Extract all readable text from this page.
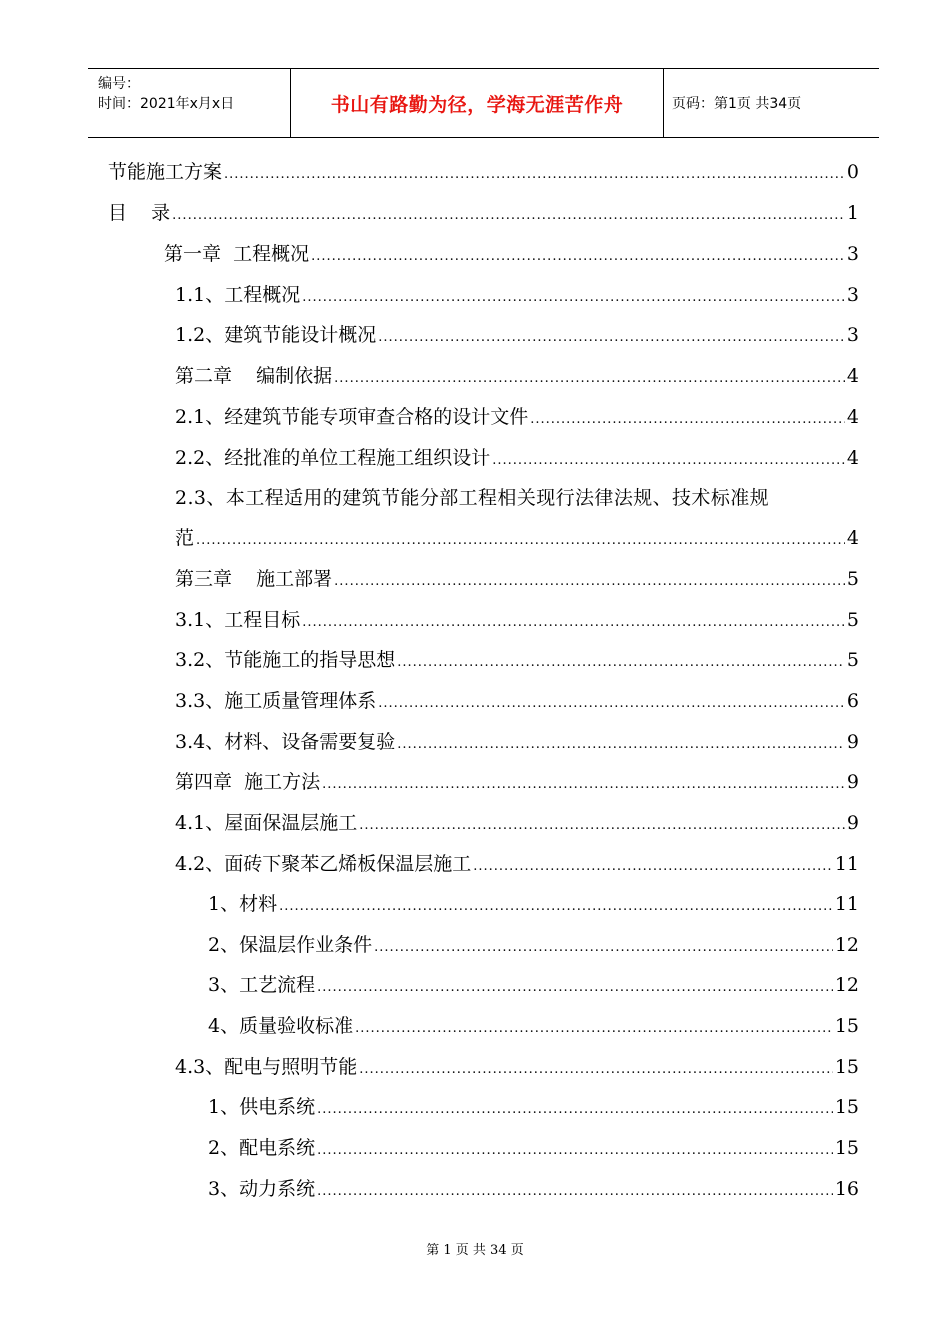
编号：
时间：2021年x月x日	书山有路勤为径，学海无涯苦作舟	页码：第1页 共34页
节能施工方案 .....	0
目    录 .....	1
第一章  工程概况 .....	3
1.1、工程概况 .....	3
1.2、建筑节能设计概况 .....	3
第二章    编制依据 .....	4
2.1、经建筑节能专项审查合格的设计文件 .....	4
2.2、经批准的单位工程施工组织设计 .....	4
2.3、本工程适用的建筑节能分部工程相关现行法律法规、技术标准规
范 .....	4
第三章    施工部署 .....	5
3.1、工程目标 .....	5
3.2、节能施工的指导思想 .....	5
3.3、施工质量管理体系 .....	6
3.4、材料、设备需要复验 .....	9
第四章  施工方法 .....	9
4.1、屋面保温层施工 .....	9
4.2、面砖下聚苯乙烯板保温层施工 .....	11
1、材料 .....	11
2、保温层作业条件 .....	12
3、工艺流程 .....	12
4、质量验收标准 .....	15
4.3、配电与照明节能 .....	15
1、供电系统 .....	15
2、配电系统 .....	15
3、动力系统 .....	16
第 1 页 共 34 页
